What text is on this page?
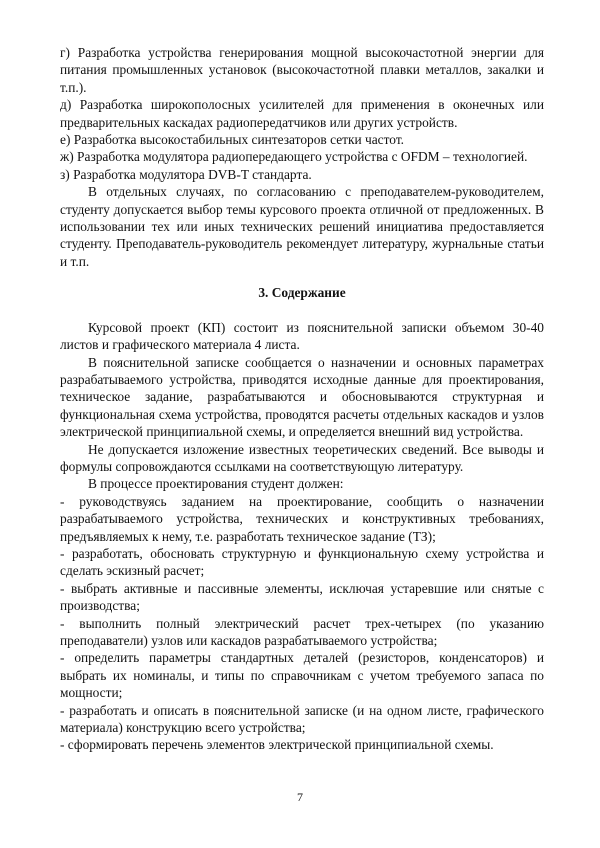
г) Разработка устройства генерирования мощной высокочастотной энергии для питания промышленных установок (высокочастотной плавки металлов, закалки и т.п.).

д) Разработка широкополосных усилителей для применения в оконечных или предварительных каскадах радиопередатчиков или других устройств.

е) Разработка высокостабильных синтезаторов сетки частот.

ж) Разработка модулятора радиопередающего устройства с OFDM – технологией.

з) Разработка модулятора DVB-T стандарта.

В отдельных случаях, по согласованию с преподавателем-руководителем, студенту допускается выбор темы курсового проекта отличной от предложенных. В использовании тех или иных технических решений инициатива предоставляется студенту. Преподаватель-руководитель рекомендует литературу, журнальные статьи и т.п.

3. Содержание

Курсовой проект (КП) состоит из пояснительной записки объемом 30-40 листов и графического материала 4 листа.

В пояснительной записке сообщается о назначении и основных параметрах разрабатываемого устройства, приводятся исходные данные для проектирования, техническое задание, разрабатываются и обосновываются структурная и функциональная схема устройства, проводятся расчеты отдельных каскадов и узлов электрической принципиальной схемы, и определяется внешний вид устройства.

Не допускается изложение известных теоретических сведений. Все выводы и формулы сопровождаются ссылками на соответствующую литературу.

В процессе проектирования студент должен:

- руководствуясь заданием на проектирование, сообщить о назначении разрабатываемого устройства, технических и конструктивных требованиях, предъявляемых к нему, т.е. разработать техническое задание (ТЗ);

- разработать, обосновать структурную и функциональную схему устройства и сделать эскизный расчет;

- выбрать активные и пассивные элементы, исключая устаревшие или снятые с производства;

- выполнить полный электрический расчет трех-четырех (по указанию преподаватели) узлов или каскадов разрабатываемого устройства;

- определить параметры стандартных деталей (резисторов, конденсаторов) и выбрать их номиналы, и типы по справочникам с учетом требуемого запаса по мощности;

- разработать и описать в пояснительной записке (и на одном листе, графического материала) конструкцию всего устройства;

- сформировать перечень элементов электрической принципиальной схемы.

7
